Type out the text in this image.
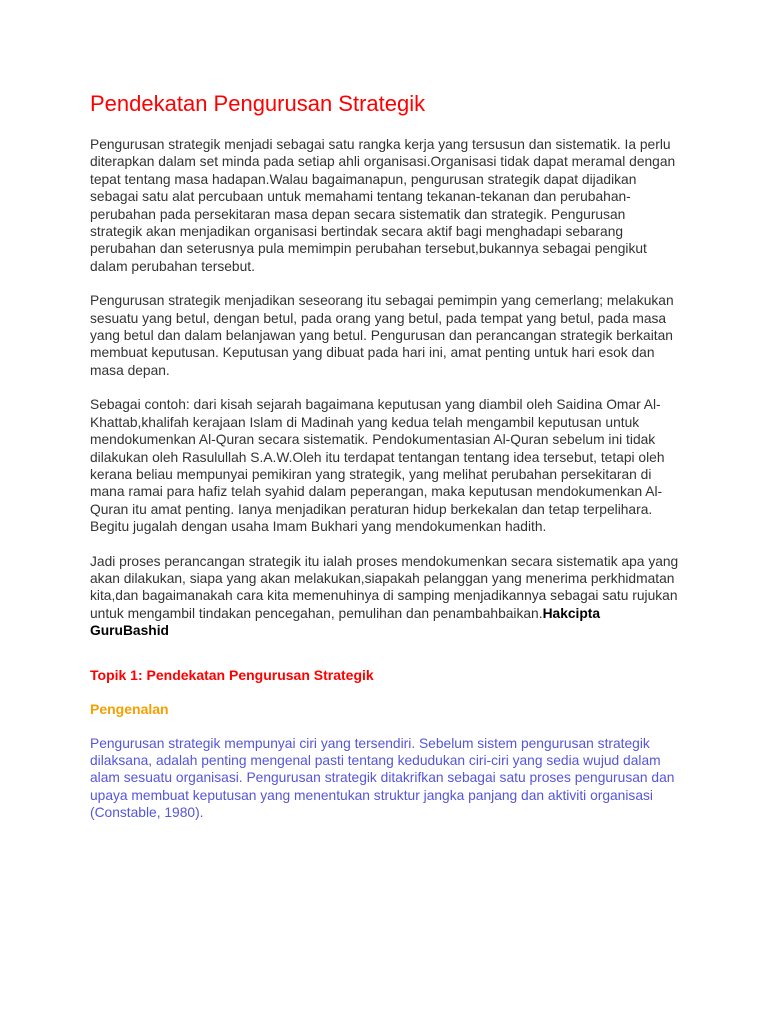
Pendekatan Pengurusan Strategik

Pengurusan strategik menjadi sebagai satu rangka kerja yang tersusun dan sistematik. Ia perlu diterapkan dalam set minda pada setiap ahli organisasi.Organisasi tidak dapat meramal dengan tepat tentang masa hadapan.Walau bagaimanapun, pengurusan strategik dapat dijadikan sebagai satu alat percubaan untuk memahami tentang tekanan-tekanan dan perubahan-perubahan pada persekitaran masa depan secara sistematik dan strategik. Pengurusan strategik akan menjadikan organisasi bertindak secara aktif bagi menghadapi sebarang perubahan dan seterusnya pula memimpin perubahan tersebut,bukannya sebagai pengikut dalam perubahan tersebut.

Pengurusan strategik menjadikan seseorang itu sebagai pemimpin yang cemerlang; melakukan sesuatu yang betul, dengan betul, pada orang yang betul, pada tempat yang betul, pada masa yang betul dan dalam belanjawan yang betul. Pengurusan dan perancangan strategik berkaitan membuat keputusan. Keputusan yang dibuat pada hari ini, amat penting untuk hari esok dan masa depan.

Sebagai contoh: dari kisah sejarah bagaimana keputusan yang diambil oleh Saidina Omar Al-Khattab,khalifah kerajaan Islam di Madinah yang kedua telah mengambil keputusan untuk mendokumenkan Al-Quran secara sistematik. Pendokumentasian Al-Quran sebelum ini tidak dilakukan oleh Rasulullah S.A.W.Oleh itu terdapat tentangan tentang idea tersebut, tetapi oleh kerana beliau mempunyai pemikiran yang strategik, yang melihat perubahan persekitaran di mana ramai para hafiz telah syahid dalam peperangan, maka keputusan mendokumenkan Al-Quran itu amat penting. Ianya menjadikan peraturan hidup berkekalan dan tetap terpelihara. Begitu jugalah dengan usaha Imam Bukhari yang mendokumenkan hadith.

Jadi proses perancangan strategik itu ialah proses mendokumenkan secara sistematik apa yang akan dilakukan, siapa yang akan melakukan,siapakah pelanggan yang menerima perkhidmatan kita,dan bagaimanakah cara kita memenuhinya di samping menjadikannya sebagai satu rujukan untuk mengambil tindakan pencegahan, pemulihan dan penambahbaikan.Hakcipta GuruBashid

Topik 1: Pendekatan Pengurusan Strategik
Pengenalan

Pengurusan strategik mempunyai ciri yang tersendiri. Sebelum sistem pengurusan strategik dilaksana, adalah penting mengenal pasti tentang kedudukan ciri-ciri yang sedia wujud dalam alam sesuatu organisasi. Pengurusan strategik ditakrifkan sebagai satu proses pengurusan dan upaya membuat keputusan yang menentukan struktur jangka panjang dan aktiviti organisasi (Constable, 1980).
